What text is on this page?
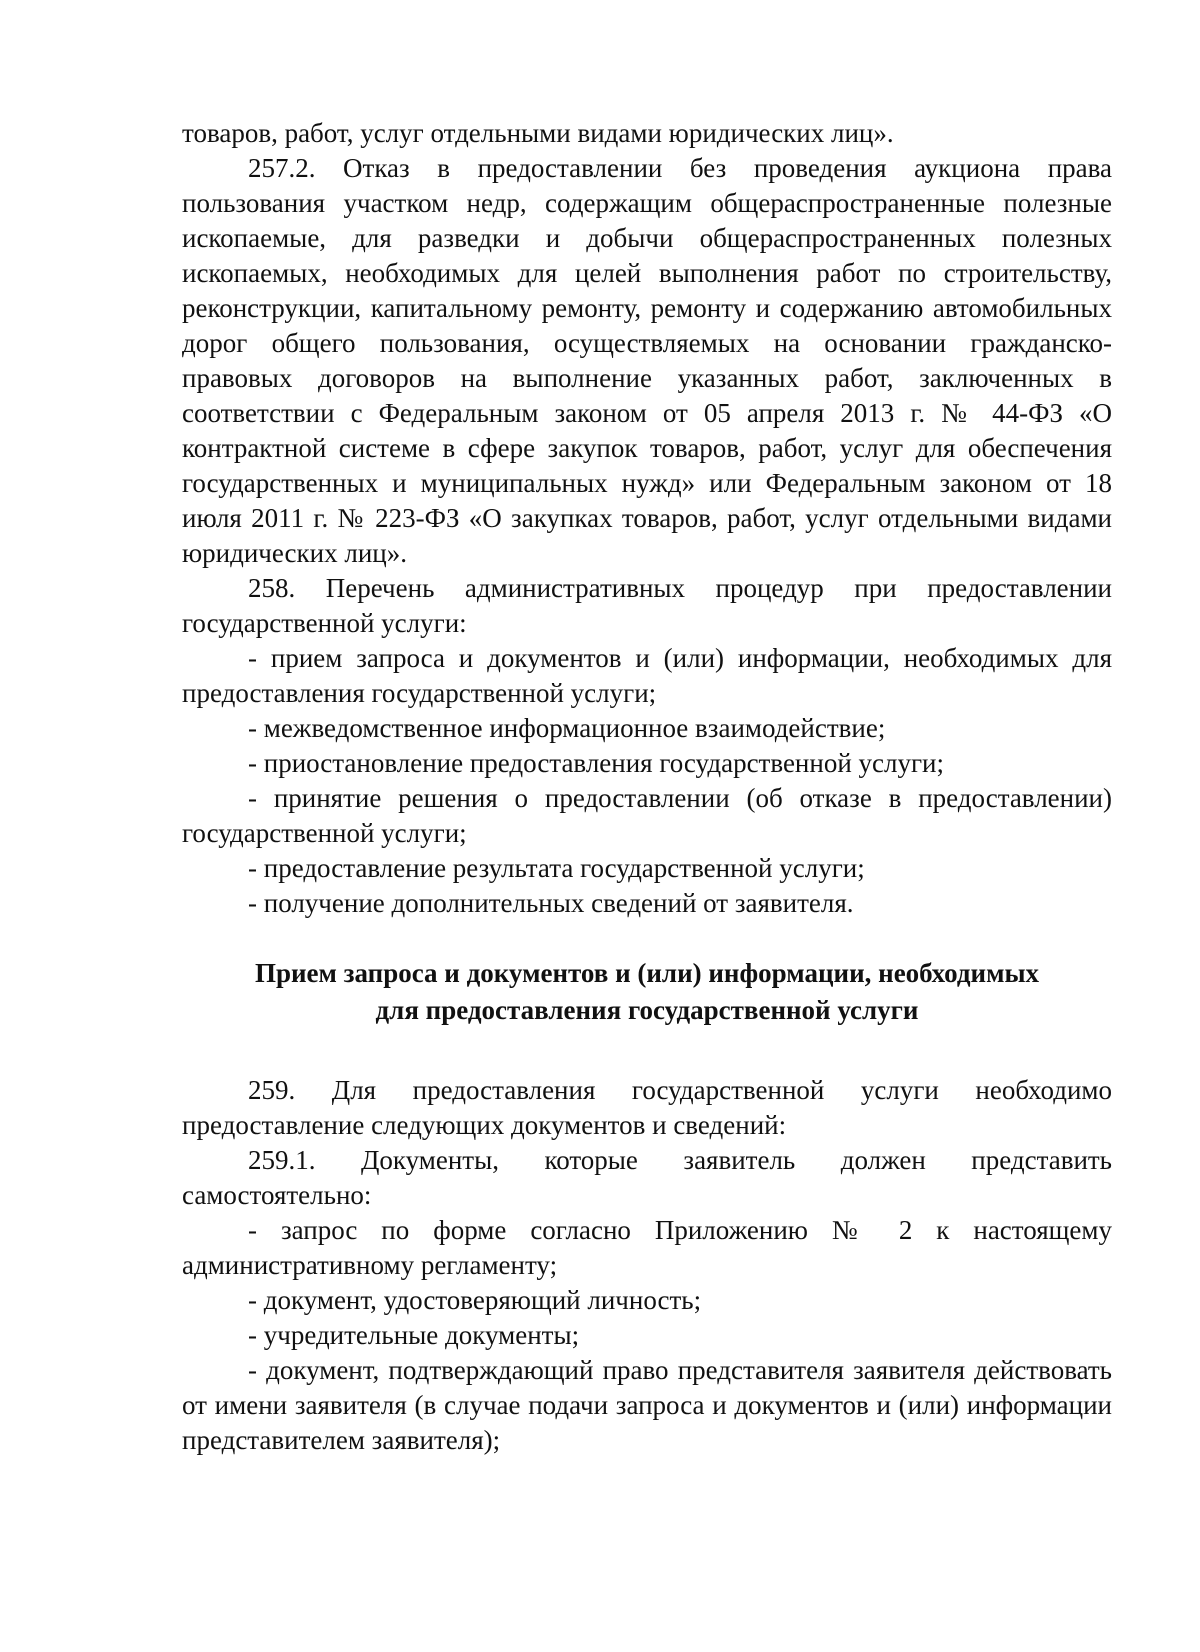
товаров, работ, услуг отдельными видами юридических лиц».

257.2. Отказ в предоставлении без проведения аукциона права пользования участком недр, содержащим общераспространенные полезные ископаемые, для разведки и добычи общераспространенных полезных ископаемых, необходимых для целей выполнения работ по строительству, реконструкции, капитальному ремонту, ремонту и содержанию автомобильных дорог общего пользования, осуществляемых на основании гражданско-правовых договоров на выполнение указанных работ, заключенных в соответствии с Федеральным законом от 05 апреля 2013 г. № 44-ФЗ «О контрактной системе в сфере закупок товаров, работ, услуг для обеспечения государственных и муниципальных нужд» или Федеральным законом от 18 июля 2011 г. № 223-ФЗ «О закупках товаров, работ, услуг отдельными видами юридических лиц».

258. Перечень административных процедур при предоставлении государственной услуги:

- прием запроса и документов и (или) информации, необходимых для предоставления государственной услуги;

- межведомственное информационное взаимодействие;

- приостановление предоставления государственной услуги;

- принятие решения о предоставлении (об отказе в предоставлении) государственной услуги;

- предоставление результата государственной услуги;

- получение дополнительных сведений от заявителя.

Прием запроса и документов и (или) информации, необходимых
для предоставления государственной услуги

259. Для предоставления государственной услуги необходимо предоставление следующих документов и сведений:

259.1. Документы, которые заявитель должен представить самостоятельно:

- запрос по форме согласно Приложению № 2 к настоящему административному регламенту;

- документ, удостоверяющий личность;

- учредительные документы;

- документ, подтверждающий право представителя заявителя действовать от имени заявителя (в случае подачи запроса и документов и (или) информации представителем заявителя);
